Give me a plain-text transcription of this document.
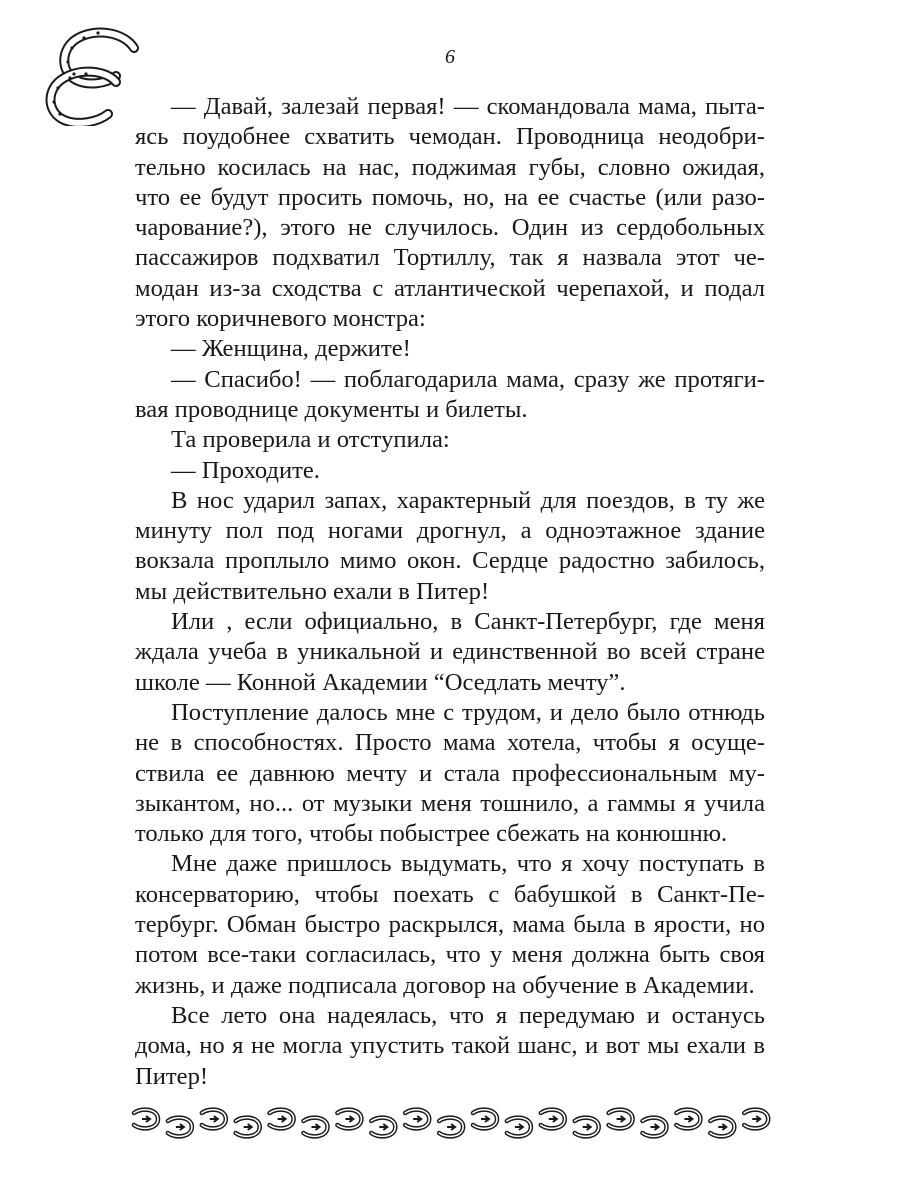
6

— Давай, залезай первая! — скомандовала мама, пытаясь поудобнее схватить чемодан. Проводница неодобрительно косилась на нас, поджимая губы, словно ожидая, что ее будут просить помочь, но, на ее счастье (или разочарование?), этого не случилось. Один из сердобольных пассажиров подхватил Тортиллу, так я назвала этот чемодан из-за сходства с атлантической черепахой, и подал этого коричневого монстра:

— Женщина, держите!

— Спасибо! — поблагодарила мама, сразу же протягивая проводнице документы и билеты.

Та проверила и отступила:

— Проходите.

В нос ударил запах, характерный для поездов, в ту же минуту пол под ногами дрогнул, а одноэтажное здание вокзала проплыло мимо окон. Сердце радостно забилось, мы действительно ехали в Питер!

Или , если официально, в Санкт-Петербург, где меня ждала учеба в уникальной и единственной во всей стране школе — Конной Академии “Оседлать мечту”.

Поступление далось мне с трудом, и дело было отнюдь не в способностях. Просто мама хотела, чтобы я осуществила ее давнюю мечту и стала профессиональным музыкантом, но... от музыки меня тошнило, а гаммы я учила только для того, чтобы побыстрее сбежать на конюшню.

Мне даже пришлось выдумать, что я хочу поступать в консерваторию, чтобы поехать с бабушкой в Санкт-Петербург. Обман быстро раскрылся, мама была в ярости, но потом все-таки согласилась, что у меня должна быть своя жизнь, и даже подписала договор на обучение в Академии.

Все лето она надеялась, что я передумаю и останусь дома, но я не могла упустить такой шанс, и вот мы ехали в Питер!
